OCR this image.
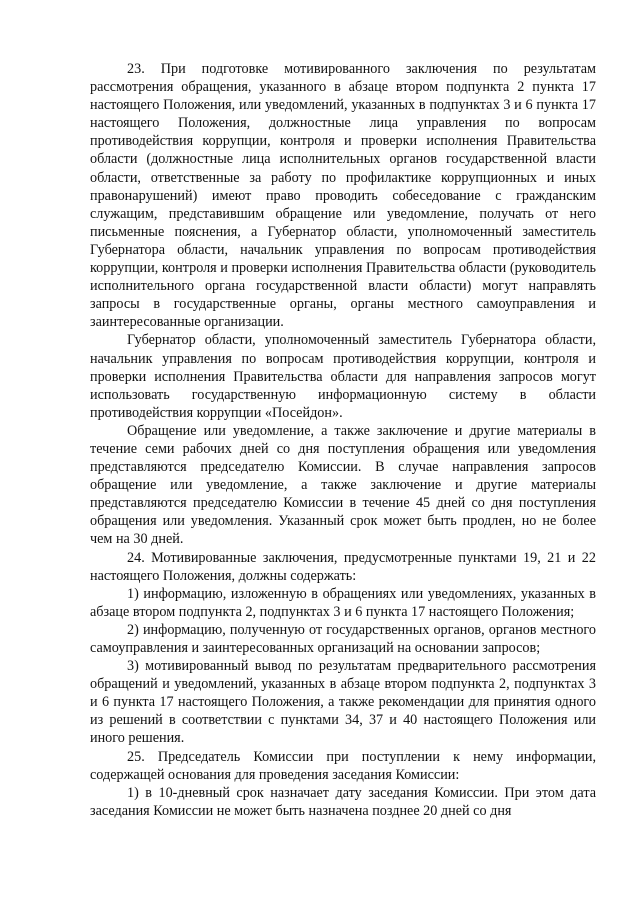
23. При подготовке мотивированного заключения по результатам рассмотрения обращения, указанного в абзаце втором подпункта 2 пункта 17 настоящего Положения, или уведомлений, указанных в подпунктах 3 и 6 пункта 17 настоящего Положения, должностные лица управления по вопросам противодействия коррупции, контроля и проверки исполнения Правительства области (должностные лица исполнительных органов государственной власти области, ответственные за работу по профилактике коррупционных и иных правонарушений) имеют право проводить собеседование с гражданским служащим, представившим обращение или уведомление, получать от него письменные пояснения, а Губернатор области, уполномоченный заместитель Губернатора области, начальник управления по вопросам противодействия коррупции, контроля и проверки исполнения Правительства области (руководитель исполнительного органа государственной власти области) могут направлять запросы в государственные органы, органы местного самоуправления и заинтересованные организации.

Губернатор области, уполномоченный заместитель Губернатора области, начальник управления по вопросам противодействия коррупции, контроля и проверки исполнения Правительства области для направления запросов могут использовать государственную информационную систему в области противодействия коррупции «Посейдон».

Обращение или уведомление, а также заключение и другие материалы в течение семи рабочих дней со дня поступления обращения или уведомления представляются председателю Комиссии. В случае направления запросов обращение или уведомление, а также заключение и другие материалы представляются председателю Комиссии в течение 45 дней со дня поступления обращения или уведомления. Указанный срок может быть продлен, но не более чем на 30 дней.

24. Мотивированные заключения, предусмотренные пунктами 19, 21 и 22 настоящего Положения, должны содержать:

1) информацию, изложенную в обращениях или уведомлениях, указанных в абзаце втором подпункта 2, подпунктах 3 и 6 пункта 17 настоящего Положения;

2) информацию, полученную от государственных органов, органов местного самоуправления и заинтересованных организаций на основании запросов;

3) мотивированный вывод по результатам предварительного рассмотрения обращений и уведомлений, указанных в абзаце втором подпункта 2, подпунктах 3 и 6 пункта 17 настоящего Положения, а также рекомендации для принятия одного из решений в соответствии с пунктами 34, 37 и 40 настоящего Положения или иного решения.

25. Председатель Комиссии при поступлении к нему информации, содержащей основания для проведения заседания Комиссии:

1) в 10-дневный срок назначает дату заседания Комиссии. При этом дата заседания Комиссии не может быть назначена позднее 20 дней со дня
